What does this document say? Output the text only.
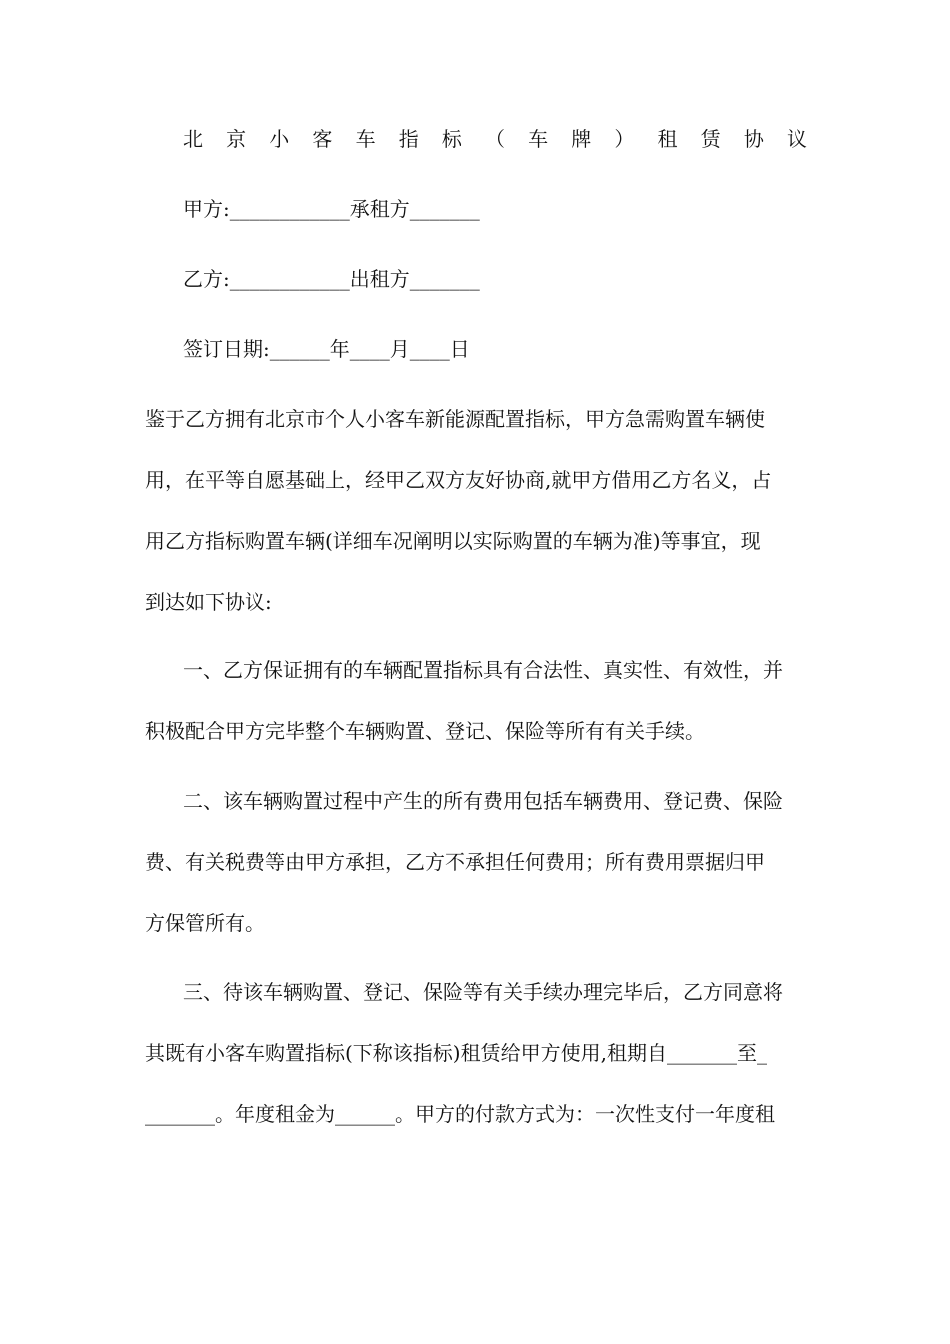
北 京 小 客 车 指 标 （ 车 牌 ） 租 赁 协 议
甲方:____________承租方_______
乙方:____________出租方_______
签订日期:______年____月____日
鉴于乙方拥有北京市个人小客车新能源配置指标，甲方急需购置车辆使
用，在平等自愿基础上，经甲乙双方友好协商,就甲方借用乙方名义，占
用乙方指标购置车辆(详细车况阐明以实际购置的车辆为准)等事宜，现
到达如下协议:
一、乙方保证拥有的车辆配置指标具有合法性、真实性、有效性，并
积极配合甲方完毕整个车辆购置、登记、保险等所有有关手续。
二、该车辆购置过程中产生的所有费用包括车辆费用、登记费、保险
费、有关税费等由甲方承担，乙方不承担任何费用；所有费用票据归甲
方保管所有。
三、待该车辆购置、登记、保险等有关手续办理完毕后，乙方同意将
其既有小客车购置指标(下称该指标)租赁给甲方使用,租期自_______至_
_______。年度租金为______。甲方的付款方式为：一次性支付一年度租
